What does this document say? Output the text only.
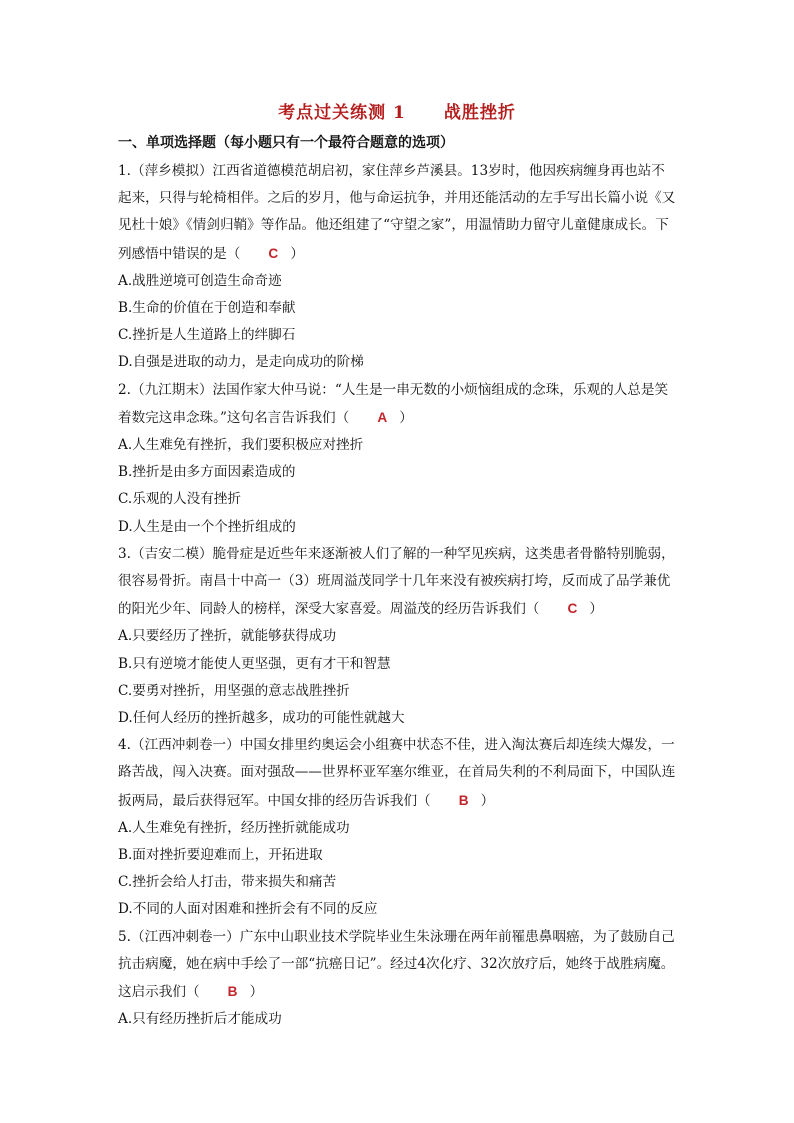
考点过关练测 1 战胜挫折
一、单项选择题（每小题只有一个最符合题意的选项）

1.（萍乡模拟）江西省道德模范胡启初，家住萍乡芦溪县。13岁时，他因疾病缠身再也站不起来，只得与轮椅相伴。之后的岁月，他与命运抗争，并用还能活动的左手写出长篇小说《又见杜十娘》《情剑归鞘》等作品。他还组建了“守望之家”，用温情助力留守儿童健康成长。下列感悟中错误的是（ C ）

A.战胜逆境可创造生命奇迹

B.生命的价值在于创造和奉献

C.挫折是人生道路上的绊脚石

D.自强是进取的动力，是走向成功的阶梯

2.（九江期末）法国作家大仲马说：“人生是一串无数的小烦恼组成的念珠，乐观的人总是笑着数完这串念珠。”这句名言告诉我们（ A ）

A.人生难免有挫折，我们要积极应对挫折

B.挫折是由多方面因素造成的

C.乐观的人没有挫折

D.人生是由一个个挫折组成的

3.（吉安二模）脆骨症是近些年来逐渐被人们了解的一种罕见疾病，这类患者骨骼特别脆弱，很容易骨折。南昌十中高一（3）班周溢茂同学十几年来没有被疾病打垮，反而成了品学兼优的阳光少年、同龄人的榜样，深受大家喜爱。周溢茂的经历告诉我们（ C ）

A.只要经历了挫折，就能够获得成功

B.只有逆境才能使人更坚强，更有才干和智慧

C.要勇对挫折，用坚强的意志战胜挫折

D.任何人经历的挫折越多，成功的可能性就越大

4.（江西冲刺卷一）中国女排里约奥运会小组赛中状态不佳，进入淘汰赛后却连续大爆发，一路苦战，闯入决赛。面对强敌——世界杯亚军塞尔维亚，在首局失利的不利局面下，中国队连扳两局，最后获得冠军。中国女排的经历告诉我们（ B ）

A.人生难免有挫折，经历挫折就能成功

B.面对挫折要迎难而上，开拓进取

C.挫折会给人打击，带来损失和痛苦

D.不同的人面对困难和挫折会有不同的反应

5.（江西冲刺卷一）广东中山职业技术学院毕业生朱泳珊在两年前罹患鼻咽癌，为了鼓励自己抗击病魔，她在病中手绘了一部“抗癌日记”。经过4次化疗、32次放疗后，她终于战胜病魔。这启示我们（ B ）

A.只有经历挫折后才能成功
